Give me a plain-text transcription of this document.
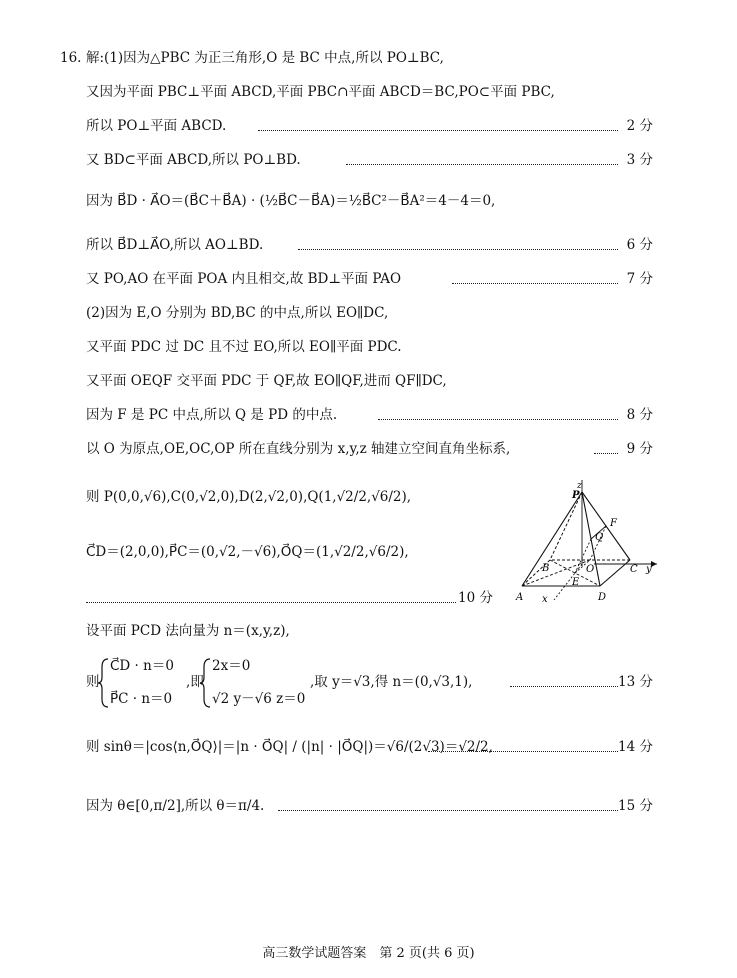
16. 解:(1)因为△PBC 为正三角形,O 是 BC 中点,所以 PO⊥BC,
又因为平面 PBC⊥平面 ABCD,平面 PBC∩平面 ABCD＝BC,PO⊂平面 PBC,
所以 PO⊥平面 ABCD.	2 分
又 BD⊂平面 ABCD,所以 PO⊥BD.	3 分
因为 B⃗D · A⃗O＝(B⃗C＋B⃗A) · (½B⃗C－B⃗A)＝½B⃗C²－B⃗A²＝4－4＝0,
所以 B⃗D⊥A⃗O,所以 AO⊥BD.	6 分
又 PO,AO 在平面 POA 内且相交,故 BD⊥平面 PAO	7 分
(2)因为 E,O 分别为 BD,BC 的中点,所以 EO∥DC,
又平面 PDC 过 DC 且不过 EO,所以 EO∥平面 PDC.
又平面 OEQF 交平面 PDC 于 QF,故 EO∥QF,进而 QF∥DC,
因为 F 是 PC 中点,所以 Q 是 PD 的中点.	8 分
以 O 为原点,OE,OC,OP 所在直线分别为 x,y,z 轴建立空间直角坐标系,	9 分
则 P(0,0,√6),C(0,√2,0),D(2,√2,0),Q(1,√2/2,√6/2),
C⃗D＝(2,0,0),P⃗C＝(0,√2,－√6),O⃗Q＝(1,√2/2,√6/2),
10 分
设平面 PCD 法向量为 n＝(x,y,z),
则
C⃗D · n＝0
P⃗C · n＝0
,即
2x＝0
√2 y－√6 z＝0
,取 y＝√3,得 n＝(0,√3,1),	13 分
则 sinθ＝|cos⟨n,O⃗Q⟩|＝|n · O⃗Q| / (|n| · |O⃗Q|)＝√6/(2√3)＝√2/2,	14 分
因为 θ∈[0,π/2],所以 θ＝π/4.	15 分
z
P
F
Q
B	O
E
C y
A	D
x
高三数学试题答案　第 2 页(共 6 页)
